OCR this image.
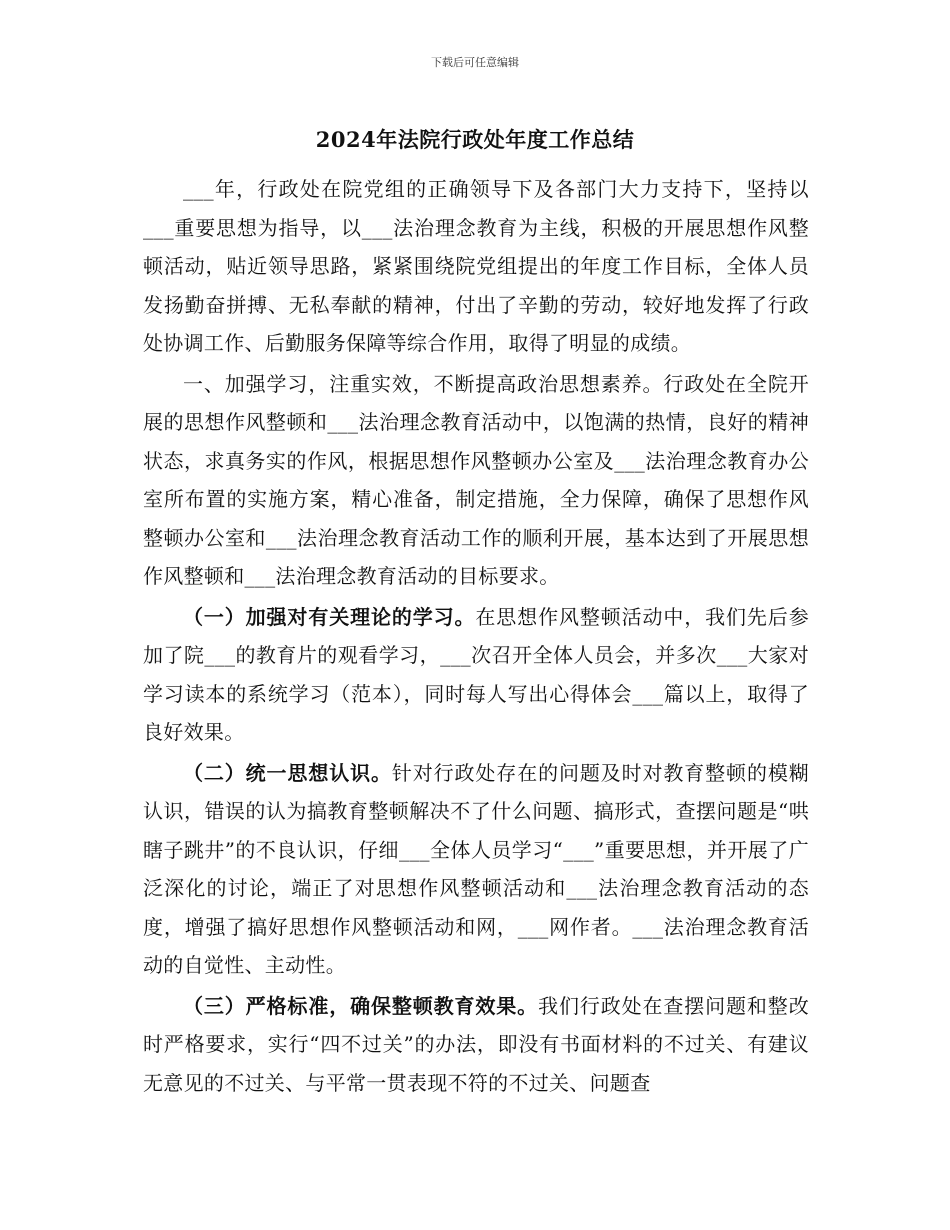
下载后可任意编辑
2024年法院行政处年度工作总结

___年，行政处在院党组的正确领导下及各部门大力支持下，坚持以___重要思想为指导，以___法治理念教育为主线，积极的开展思想作风整顿活动，贴近领导思路，紧紧围绕院党组提出的年度工作目标，全体人员发扬勤奋拼搏、无私奉献的精神，付出了辛勤的劳动，较好地发挥了行政处协调工作、后勤服务保障等综合作用，取得了明显的成绩。

一、加强学习，注重实效，不断提高政治思想素养。行政处在全院开展的思想作风整顿和___法治理念教育活动中，以饱满的热情，良好的精神状态，求真务实的作风，根据思想作风整顿办公室及___法治理念教育办公室所布置的实施方案，精心准备，制定措施，全力保障，确保了思想作风整顿办公室和___法治理念教育活动工作的顺利开展，基本达到了开展思想作风整顿和___法治理念教育活动的目标要求。

（一）加强对有关理论的学习。在思想作风整顿活动中，我们先后参加了院___的教育片的观看学习，___次召开全体人员会，并多次___大家对学习读本的系统学习（范本），同时每人写出心得体会___篇以上，取得了良好效果。

（二）统一思想认识。针对行政处存在的问题及时对教育整顿的模糊认识，错误的认为搞教育整顿解决不了什么问题、搞形式，查摆问题是“哄瞎子跳井”的不良认识，仔细___全体人员学习“___”重要思想，并开展了广泛深化的讨论，端正了对思想作风整顿活动和___法治理念教育活动的态度，增强了搞好思想作风整顿活动和网，___网作者。___法治理念教育活动的自觉性、主动性。

（三）严格标准，确保整顿教育效果。我们行政处在查摆问题和整改时严格要求，实行“四不过关”的办法，即没有书面材料的不过关、有建议无意见的不过关、与平常一贯表现不符的不过关、问题查
